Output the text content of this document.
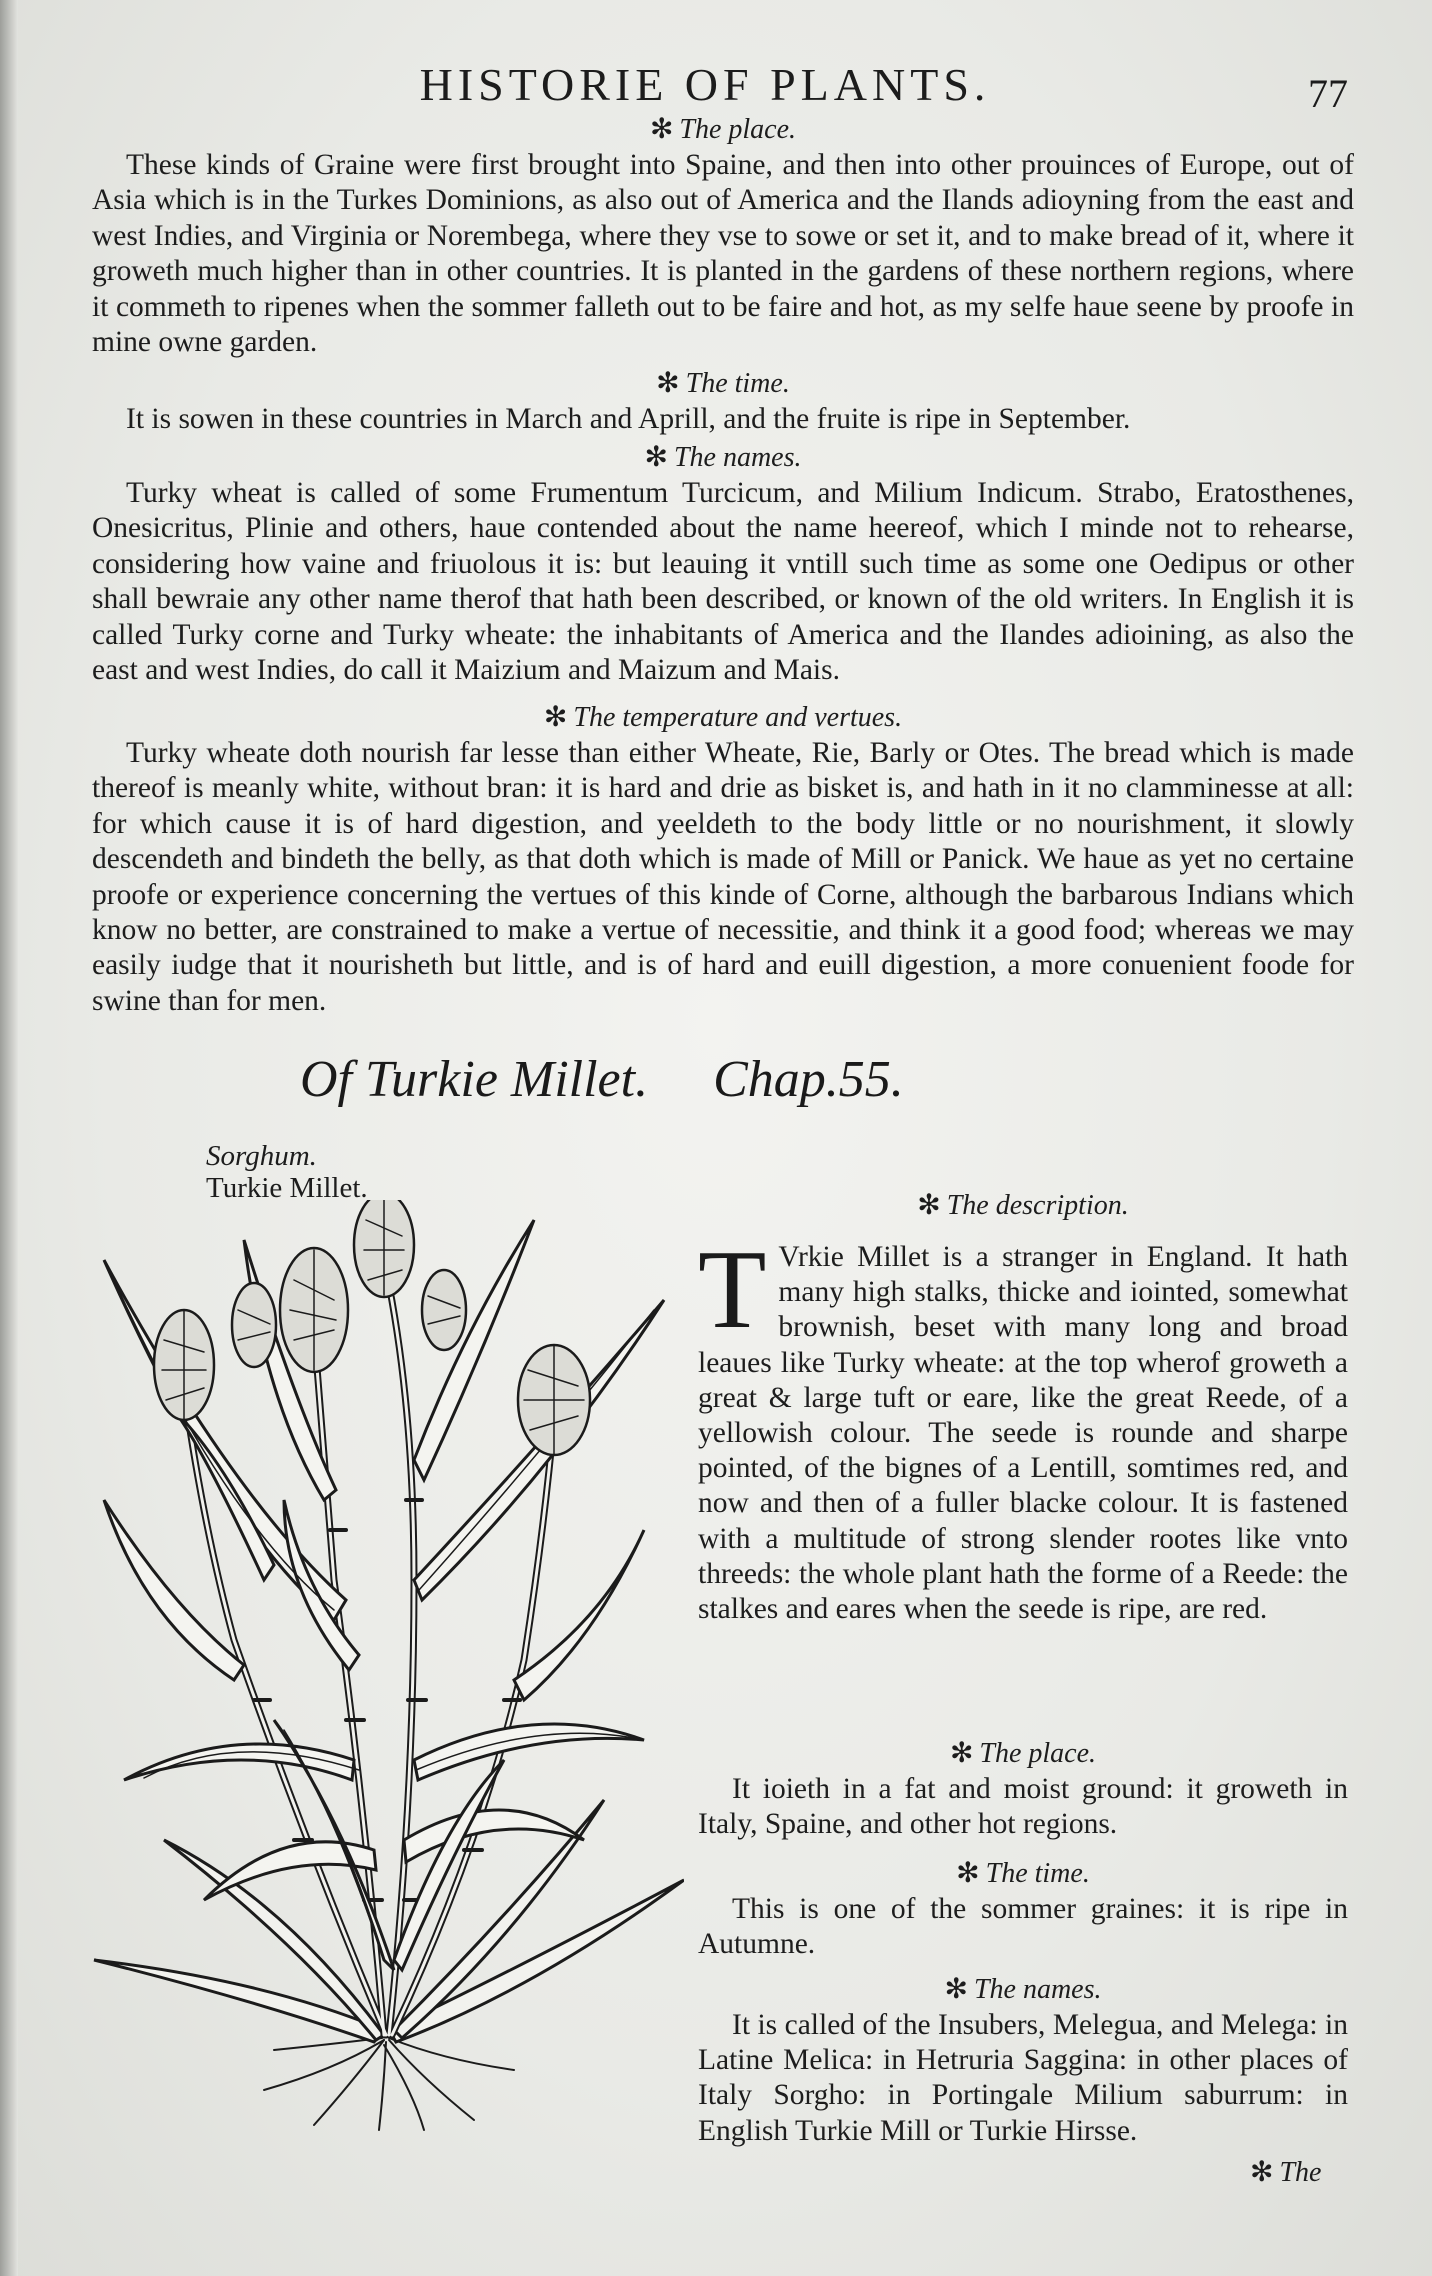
HISTORIE OF PLANTS.	77

✻ The place.

These kinds of Graine were first brought into Spaine, and then into other prouinces of Europe, out of Asia which is in the Turkes Dominions, as also out of America and the Ilands adioyning from the east and west Indies, and Virginia or Norembega, where they vse to sowe or set it, and to make bread of it, where it groweth much higher than in other countries. It is planted in the gardens of these northern regions, where it commeth to ripenes when the sommer falleth out to be faire and hot, as my selfe haue seene by proofe in mine owne garden.

✻ The time.

It is sowen in these countries in March and Aprill, and the fruite is ripe in September.

✻ The names.

Turky wheat is called of some Frumentum Turcicum, and Milium Indicum. Strabo, Eratosthenes, Onesicritus, Plinie and others, haue contended about the name heereof, which I minde not to rehearse, considering how vaine and friuolous it is: but leauing it vntill such time as some one Oedipus or other shall bewraie any other name therof that hath been described, or known of the old writers. In English it is called Turky corne and Turky wheate: the inhabitants of America and the Ilandes adioining, as also the east and west Indies, do call it Maizium and Maizum and Mais.

✻ The temperature and vertues.

Turky wheate doth nourish far lesse than either Wheate, Rie, Barly or Otes. The bread which is made thereof is meanly white, without bran: it is hard and drie as bisket is, and hath in it no clamminesse at all: for which cause it is of hard digestion, and yeeldeth to the body little or no nourishment, it slowly descendeth and bindeth the belly, as that doth which is made of Mill or Panick. We haue as yet no certaine proofe or experience concerning the vertues of this kinde of Corne, although the barbarous Indians which know no better, are constrained to make a vertue of necessitie, and think it a good food; whereas we may easily iudge that it nourisheth but little, and is of hard and euill digestion, a more conuenient foode for swine than for men.

Of Turkie Millet. Chap.55.
Sorghum.
Turkie Millet.

✻ The description.

T Vrkie Millet is a stranger in England. It hath many high stalks, thicke and iointed, somewhat brownish, beset with many long and broad leaues like Turky wheate: at the top wherof groweth a great & large tuft or eare, like the great Reede, of a yellowish colour. The seede is rounde and sharpe pointed, of the bignes of a Lentill, somtimes red, and now and then of a fuller blacke colour. It is fastened with a multitude of strong slender rootes like vnto threeds: the whole plant hath the forme of a Reede: the stalkes and eares when the seede is ripe, are red.

✻ The place.

It ioieth in a fat and moist ground: it groweth in Italy, Spaine, and other hot regions.

✻ The time.

This is one of the sommer graines: it is ripe in Autumne.

✻ The names.

It is called of the Insubers, Melegua, and Melega: in Latine Melica: in Hetruria Saggina: in other places of Italy Sorgho: in Portingale Milium saburrum: in English Turkie Mill or Turkie Hirsse.

✻ The
